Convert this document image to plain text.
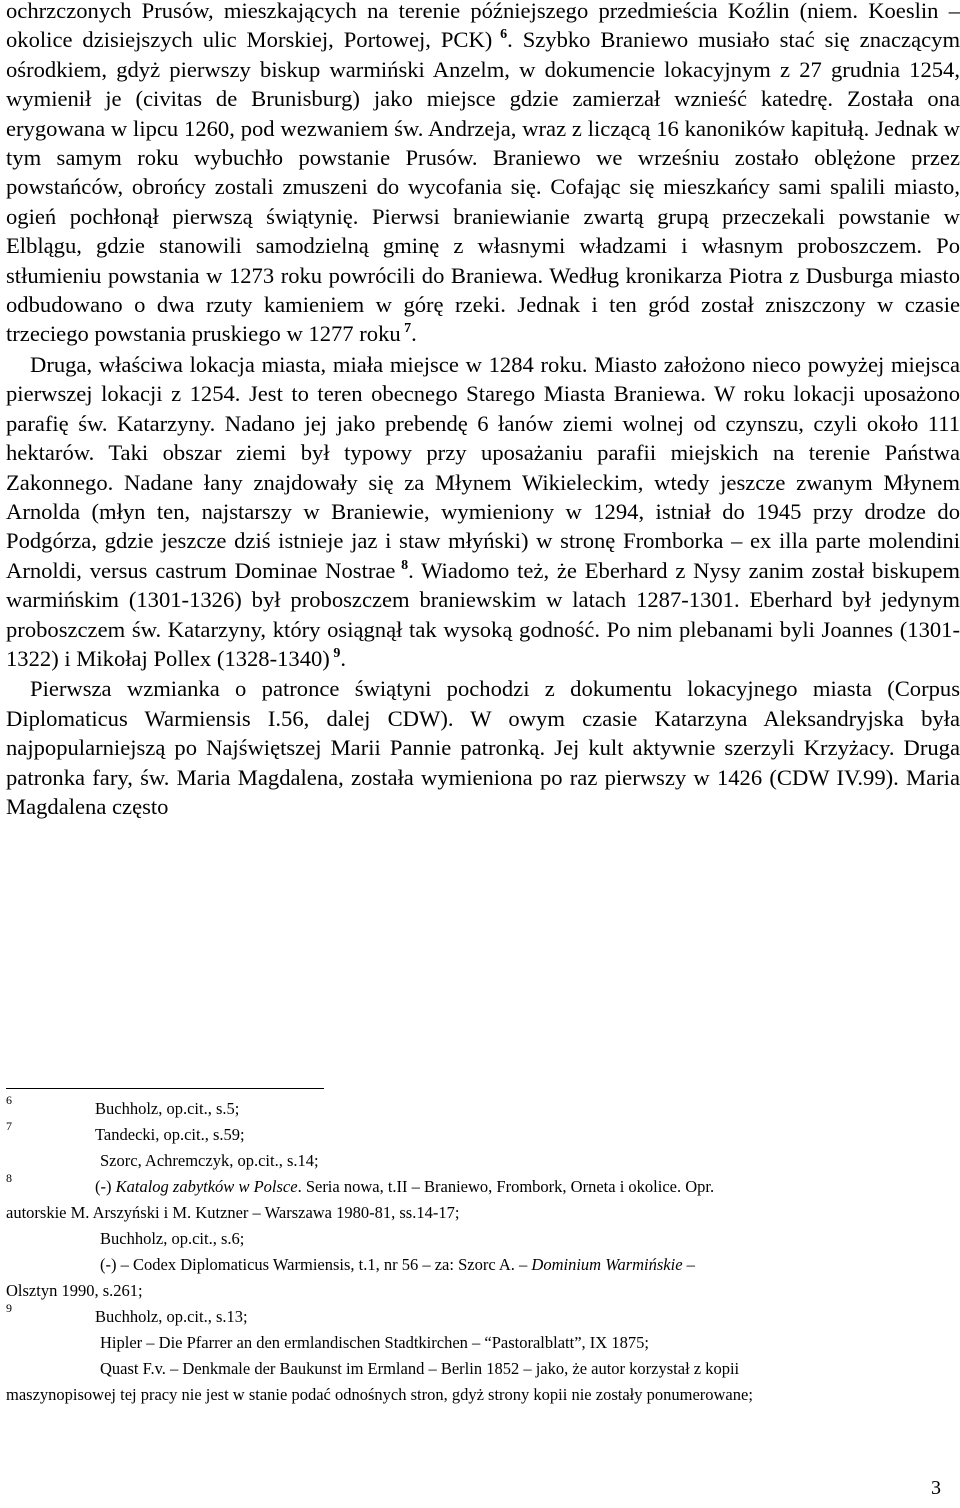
ochrzczonych Prusów, mieszkających na terenie późniejszego przedmieścia Koźlin (niem. Koeslin – okolice dzisiejszych ulic Morskiej, Portowej, PCK) $^6$. Szybko Braniewo musiało stać się znaczącym ośrodkiem, gdyż pierwszy biskup warmiński Anzelm, w dokumencie lokacyjnym z 27 grudnia 1254, wymienił je (civitas de Brunisburg) jako miejsce gdzie zamierzał wznieść katedrę. Została ona erygowana w lipcu 1260, pod wezwaniem św. Andrzeja, wraz z liczącą 16 kanoników kapitułą. Jednak w tym samym roku wybuchło powstanie Prusów. Braniewo we wrześniu zostało oblężone przez powstańców, obrońcy zostali zmuszeni do wycofania się. Cofając się mieszkańcy sami spalili miasto, ogień pochłonął pierwszą świątynię. Pierwsi braniewianie zwartą grupą przeczekali powstanie w Elblągu, gdzie stanowili samodzielną gminę z własnymi władzami i własnym proboszczem. Po stłumieniu powstania w 1273 roku powrócili do Braniewa. Według kronikarza Piotra z Dusburga miasto odbudowano o dwa rzuty kamieniem w górę rzeki. Jednak i ten gród został zniszczony w czasie trzeciego powstania pruskiego w 1277 roku $^7$.

Druga, właściwa lokacja miasta, miała miejsce w 1284 roku. Miasto założono nieco powyżej miejsca pierwszej lokacji z 1254. Jest to teren obecnego Starego Miasta Braniewa. W roku lokacji uposażono parafię św. Katarzyny. Nadano jej jako prebendę 6 łanów ziemi wolnej od czynszu, czyli około 111 hektarów. Taki obszar ziemi był typowy przy uposażaniu parafii miejskich na terenie Państwa Zakonnego. Nadane łany znajdowały się za Młynem Wikieleckim, wtedy jeszcze zwanym Młynem Arnolda (młyn ten, najstarszy w Braniewie, wymieniony w 1294, istniał do 1945 przy drodze do Podgórza, gdzie jeszcze dziś istnieje jaz i staw młyński) w stronę Fromborka – ex illa parte molendini Arnoldi, versus castrum Dominae Nostrae $^8$. Wiadomo też, że Eberhard z Nysy zanim został biskupem warmińskim (1301-1326) był proboszczem braniewskim w latach 1287-1301. Eberhard był jedynym proboszczem św. Katarzyny, który osiągnął tak wysoką godność. Po nim plebanami byli Joannes (1301-1322) i Mikołaj Pollex (1328-1340) $^9$.

Pierwsza wzmianka o patronce świątyni pochodzi z dokumentu lokacyjnego miasta (Corpus Diplomaticus Warmiensis I.56, dalej CDW). W owym czasie Katarzyna Aleksandryjska była najpopularniejszą po Najświętszej Marii Pannie patronką. Jej kult aktywnie szerzyli Krzyżacy. Druga patronka fary, św. Maria Magdalena, została wymieniona po raz pierwszy w 1426 (CDW IV.99). Maria Magdalena często

6	Buchholz, op.cit., s.5;
7	Tandecki, op.cit., s.59;
Szorc, Achremczyk, op.cit., s.14;
8	(-) Katalog zabytków w Polsce. Seria nowa, t.II – Braniewo, Frombork, Orneta i okolice. Opr.
autorskie M. Arszyński i M. Kutzner – Warszawa 1980-81, ss.14-17;
Buchholz, op.cit., s.6;
(-) – Codex Diplomaticus Warmiensis, t.1, nr 56 – za: Szorc A. – Dominium Warmińskie –
Olsztyn 1990, s.261;
9	Buchholz, op.cit., s.13;
Hipler – Die Pfarrer an den ermlandischen Stadtkirchen – “Pastoralblatt”, IX 1875;
Quast F.v. – Denkmale der Baukunst im Ermland – Berlin 1852 – jako, że autor korzystał z kopii
maszynopisowej tej pracy nie jest w stanie podać odnośnych stron, gdyż strony kopii nie zostały ponumerowane;
3
